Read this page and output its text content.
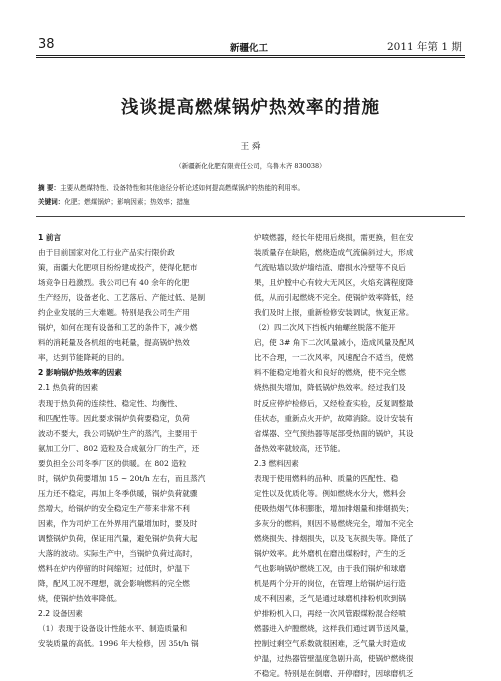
38	新疆化工	2011 年第 1 期
浅谈提高燃煤锅炉热效率的措施
王 舜
（新疆新化化肥有限责任公司，乌鲁木齐 830038）
摘 要：主要从燃煤特性、设备特性和其他途径分析论述如何提高燃煤锅炉的热能的利用率。
关键词：化肥；燃煤锅炉；影响因素；热效率；措施
1 前言
由于目前国家对化工行业产品实行限价政
策，南疆大化肥项目纷纷建成投产，使得化肥市
场竞争日趋激烈。我公司已有 40 余年的化肥
生产经历，设备老化、工艺落后、产能过低、是制
约企业发展的三大难题。特别是我公司生产用
锅炉，如何在现有设备和工艺的条件下，减少燃
料的消耗量及各机组的电耗量，提高锅炉热效
率，达到节能降耗的目的。
2 影响锅炉热效率的因素
2.1 热负荷的因素
表现于热负荷的连续性、稳定性、均衡性、
和匹配性等。因此要求锅炉负荷要稳定，负荷
波动不要大，我公司锅炉生产的蒸汽，主要用于
氨加工分厂、802 造粒及合成氨分厂的生产，还
要负担全公司冬季厂区的供暖。在 802 造粒
时，锅炉负荷要增加 15 ~ 20t/h 左右，而且蒸汽
压力还不稳定，再加上冬季供暖，锅炉负荷就骤
然增大，给锅炉的安全稳定生产带来非常不利
因素，作为司炉工在外界用汽量增加时，要及时
调整锅炉负荷，保证用汽量，避免锅炉负荷大起
大落的波动。实际生产中，当锅炉负荷过高时，
燃料在炉内停留的时间缩短；过低时，炉温下
降，配风工况不理想，就会影响燃料的完全燃
烧，使锅炉热效率降低。
2.2 设备因素
（1）表现于设备设计性能水平、制造质量和
安装质量的高低。1996 年大检修，因 35t/h 锅
炉喷燃器，经长年使用后烧损，需更换，但在安
装质量存在缺陷，燃烧造成气流偏斜过大，形成
气流贴墙以致炉墙结渣、磨损水冷壁等不良后
果，且炉膛中心有较大无风区，火焰充满程度降
低，从而引起燃烧不完全。使锅炉效率降低，经
我们及时上报，重新检修安装调试，恢复正常。
（2）四二次风下挡板内轴螺丝脱落不能开
启，使 3# 角下二次风量减小，造成风量及配风
比不合理，一二次风率，风速配合不适当，使燃
料不能稳定地着火和良好的燃烧，使不完全燃
烧热损失增加，降低锅炉热效率。经过我们及
时反应停炉检修后，又经检查实验，反复调整最
佳状态，重新点火开炉，故障消除。设计安装有
省煤器、空气预热器等尾部受热面的锅炉，其设
备热效率就较高，还节能。
2.3 燃料因素
表现于使用燃料的品种、质量的匹配性、稳
定性以及优质化等。例如燃烧水分大，燃料会
使吸热烟气体积膨胀，增加排烟量和排烟损失；
多灰分的燃料，则因不易燃烧完全，增加不完全
燃烧损失、排烟损失，以及飞灰损失等。降低了
锅炉效率。此外磨机在磨出煤粉时，产生的乏
气也影响锅炉燃烧工况，由于我们锅炉和球磨
机是两个分开的岗位，在管理上给锅炉运行造
成不利因素，乏气是通过球磨机排粉机吹到锅
炉排粉机入口，再经一次风管跟煤粉混合经喷
燃器进入炉膛燃烧，这样我们通过调节送风量，
控制过剩空气系数就很困难，乏气量大时造成
炉温，过热器管壁温度急剧升高，使锅炉燃烧很
不稳定。特别是在倒磨、开停磨时，因球磨机乏
